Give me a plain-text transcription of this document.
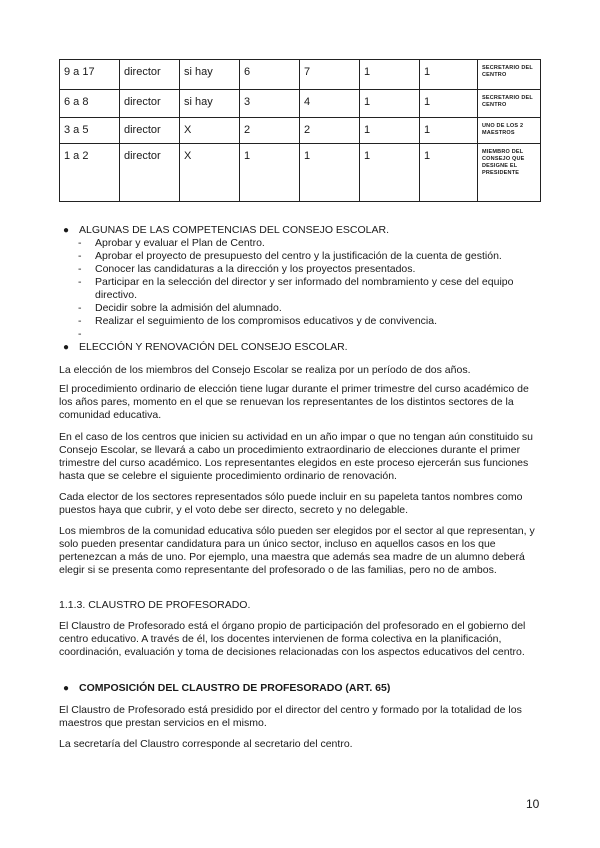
9 a 17	director	si hay	6	7	1	1	SECRETARIO DEL CENTRO
6 a 8	director	si hay	3	4	1	1	SECRETARIO DEL CENTRO
3 a 5	director	X	2	2	1	1	UNO DE LOS 2 MAESTROS
1 a 2	director	X	1	1	1	1	MIEMBRO DEL CONSEJO QUE DESIGNE EL PRESIDENTE
● ALGUNAS DE LAS COMPETENCIAS DEL CONSEJO ESCOLAR.
- Aprobar y evaluar el Plan de Centro.
- Aprobar el proyecto de presupuesto del centro y la justificación de la cuenta de gestión.
- Conocer las candidaturas a la dirección y los proyectos presentados.
- Participar en la selección del director y ser informado del nombramiento y cese del equipo directivo.
- Decidir sobre la admisión del alumnado.
- Realizar el seguimiento de los compromisos educativos y de convivencia.
-
● ELECCIÓN Y RENOVACIÓN DEL CONSEJO ESCOLAR.
La elección de los miembros del Consejo Escolar se realiza por un período de dos años.
El procedimiento ordinario de elección tiene lugar durante el primer trimestre del curso académico de los años pares, momento en el que se renuevan los representantes de los distintos sectores de la comunidad educativa.
En el caso de los centros que inicien su actividad en un año impar o que no tengan aún constituido su Consejo Escolar, se llevará a cabo un procedimiento extraordinario de elecciones durante el primer trimestre del curso académico. Los representantes elegidos en este proceso ejercerán sus funciones hasta que se celebre el siguiente procedimiento ordinario de renovación.
Cada elector de los sectores representados sólo puede incluir en su papeleta tantos nombres como puestos haya que cubrir, y el voto debe ser directo, secreto y no delegable.
Los miembros de la comunidad educativa sólo pueden ser elegidos por el sector al que representan, y solo pueden presentar candidatura para un único sector, incluso en aquellos casos en los que pertenezcan a más de uno. Por ejemplo, una maestra que además sea madre de un alumno deberá elegir si se presenta como representante del profesorado o de las familias, pero no de ambos.
1.1.3. CLAUSTRO DE PROFESORADO.
El Claustro de Profesorado está el órgano propio de participación del profesorado en el gobierno del centro educativo. A través de él, los docentes intervienen de forma colectiva en la planificación, coordinación, evaluación y toma de decisiones relacionadas con los aspectos educativos del centro.
● COMPOSICIÓN DEL CLAUSTRO DE PROFESORADO (ART. 65)
El Claustro de Profesorado está presidido por el director del centro y formado por la totalidad de los maestros que prestan servicios en el mismo.
La secretaría del Claustro corresponde al secretario del centro.
10
